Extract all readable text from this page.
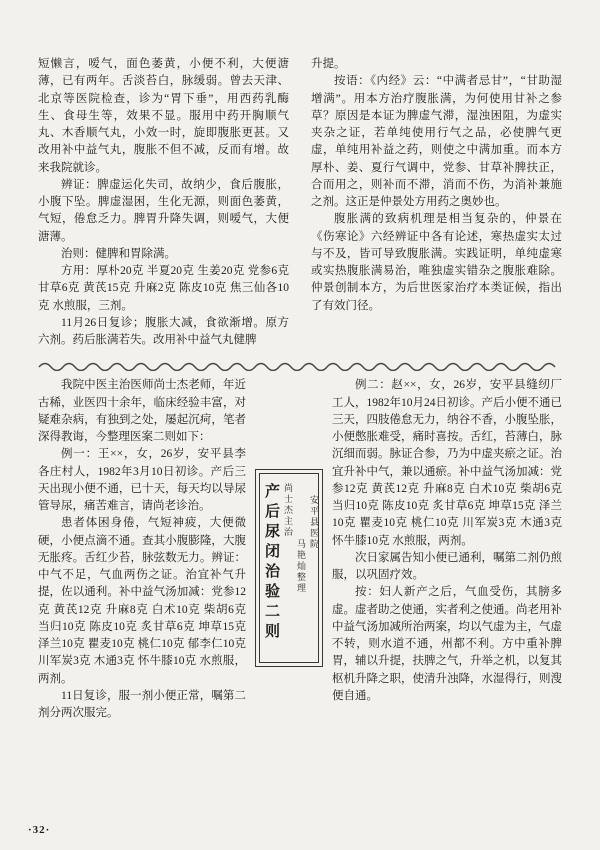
短懒言，嗳气，面色萎黄，小便不利，大便溏薄，已有两年。舌淡苔白，脉缓弱。曾去天津、北京等医院检查，诊为“胃下垂”，用西药乳酶生、食母生等，效果不显。服用中药开胸顺气丸、木香顺气丸，小效一时，旋即腹胀更甚。又改用补中益气丸，腹胀不但不减，反而有增。故来我院就诊。

辨证：脾虚运化失司，故纳少，食后腹胀，小腹下坠。脾虚湿困，生化无源，则面色萎黄，气短，倦怠乏力。脾胃升降失调，则嗳气，大便溏薄。

治则：健脾和胃除满。

方用：厚朴20克 半夏20克 生姜20克 党参6克 甘草6克 黄芪15克 升麻2克 陈皮10克 焦三仙各10克 水煎服，三剂。

11月26日复诊；腹胀大减，食欲渐增。原方六剂。药后胀满若失。改用补中益气丸健脾

升提。

按语：《内经》云：“中满者忌甘”，“甘助湿增满”。用本方治疗腹胀满，为何使用甘补之参草？原因是本证为脾虚气滞，湿浊困阻，为虚实夹杂之证，若单纯使用行气之品，必使脾气更虚，单纯用补益之药，则使之中满加重。而本方厚朴、姜、夏行气调中，党参、甘草补脾扶正，合而用之，则补而不滞，消而不伤，为消补兼施之剂。这正是仲景处方用药之奥妙也。

腹胀满的致病机理是相当复杂的，仲景在《伤寒论》六经辨证中各有论述，寒热虚实太过与不及，皆可导致腹胀满。实践证明，单纯虚寒或实热腹胀满易治，唯独虚实错杂之腹胀难除。仲景创制本方，为后世医家治疗本类证候，指出了有效门径。

我院中医主治医师尚士杰老师，年近古稀，业医四十余年，临床经验丰富，对疑难杂病，有独到之处，屡起沉疴，笔者深得教诲，今整理医案二则如下：

例一：王××，女，26岁，安平县李各庄村人，1982年3月10日初诊。产后三天出现小便不通，已十天，每天均以导尿管导尿，痛苦难言，请尚老诊治。

患者体困身倦，气短神疲，大便微硬，小便点滴不通。查其小腹膨隆，大腹无胀疼。舌红少苔，脉弦数无力。辨证：中气不足，气血两伤之证。治宜补气升提，佐以通利。补中益气汤加减：党参12克 黄芪12克 升麻8克 白术10克 柴胡6克 当归10克 陈皮10克 炙甘草6克 坤草15克 泽兰10克 瞿麦10克 桃仁10克 郁李仁10克 川军炭3克 木通3克 怀牛膝10克 水煎服，两剂。

11日复诊，服一剂小便正常，嘱第二剂分两次服完。

产后尿闭治验二则 尚士杰主治
马艳灿整理
安平县医院

例二：赵××，女，26岁，安平县缝纫厂工人，1982年10月24日初诊。产后小便不通已三天，四肢倦怠无力，纳谷不香，小腹坠胀，小便憋胀难受，痛时喜按。舌红，苔薄白，脉沉细而弱。脉证合参，乃为中虚夹瘀之证。治宜升补中气，兼以通瘀。补中益气汤加减：党参12克 黄芪12克 升麻8克 白术10克 柴胡6克 当归10克 陈皮10克 炙甘草6克 坤草15克 泽兰10克 瞿麦10克 桃仁10克 川军炭3克 木通3克 怀牛膝10克 水煎服，两剂。

次日家属告知小便已通利，嘱第二剂仍煎服，以巩固疗效。

按：妇人新产之后，气血受伤，其膀多虚。虚者助之使通，实者利之使通。尚老用补中益气汤加减所治两案，均以气虚为主，气虚不转，则水道不通，州都不利。方中重补脾胃，辅以升提，扶脾之气，升举之机，以复其枢机升降之职，使清升浊降，水湿得行，则溲便自通。

·32·
